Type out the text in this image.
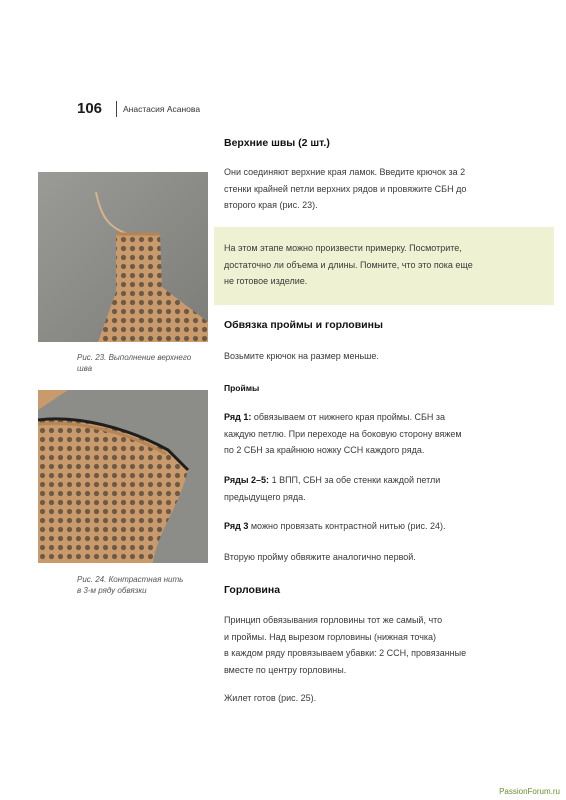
106 Анастасия Асанова
Рис. 23. Выполнение верхнего
шва
Рис. 24. Контрастная нить
в 3-м ряду обвязки
Верхние швы (2 шт.)
Они соединяют верхние края ламок. Введите крючок за 2
стенки крайней петли верхних рядов и провяжите СБН до
второго края (рис. 23).
На этом этапе можно произвести примерку. Посмотрите,
достаточно ли объема и длины. Помните, что это пока еще
не готовое изделие.
Обвязка проймы и горловины
Возьмите крючок на размер меньше.
Проймы
Ряд 1: обвязываем от нижнего края проймы. СБН за
каждую петлю. При переходе на боковую сторону вяжем
по 2 СБН за крайнюю ножку ССН каждого ряда.
Ряды 2–5: 1 ВПП, СБН за обе стенки каждой петли
предыдущего ряда.
Ряд 3 можно провязать контрастной нитью (рис. 24).
Вторую пройму обвяжите аналогично первой.
Горловина
Принцип обвязывания горловины тот же самый, что
и проймы. Над вырезом горловины (нижная точка)
в каждом ряду провязываем убавки: 2 ССН, провязанные
вместе по центру горловины.
Жилет готов (рис. 25).
PassionForum.ru
